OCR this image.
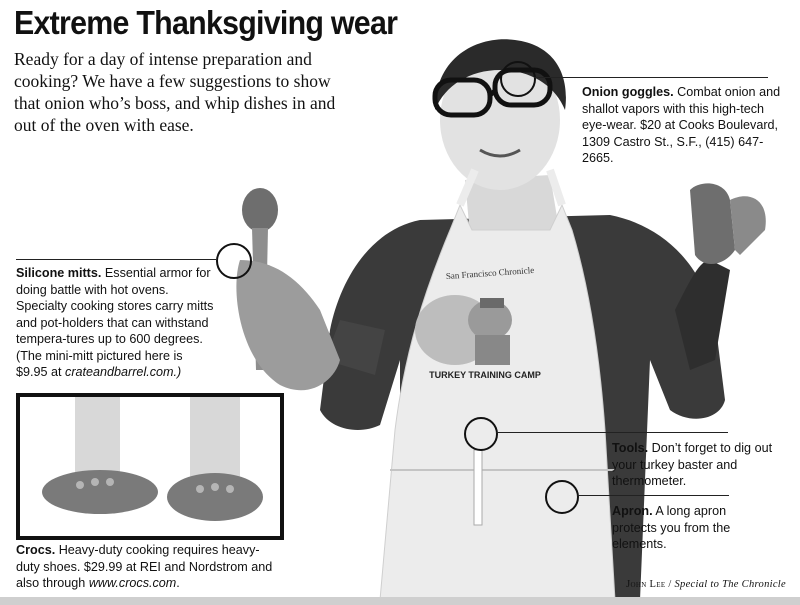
Extreme Thanksgiving wear
Ready for a day of intense preparation and cooking? We have a few suggestions to show that onion who’s boss, and whip dishes in and out of the oven with ease.
San Francisco Chronicle
TURKEY TRAINING CAMP
Onion goggles. Combat onion and shallot vapors with this high-tech eye-wear. $20 at Cooks Boulevard, 1309 Castro St., S.F., (415) 647-2665.
Silicone mitts. Essential armor for doing battle with hot ovens. Specialty cooking stores carry mitts and pot-holders that can withstand tempera-tures up to 600 degrees. (The mini-mitt pictured here is $9.95 at crateandbarrel.com.)
Tools. Don’t forget to dig out your turkey baster and thermometer.
Apron. A long apron protects you from the elements.
Crocs. Heavy-duty cooking requires heavy-duty shoes. $29.99 at REI and Nordstrom and also through www.crocs.com.	John Lee / Special to The Chronicle
